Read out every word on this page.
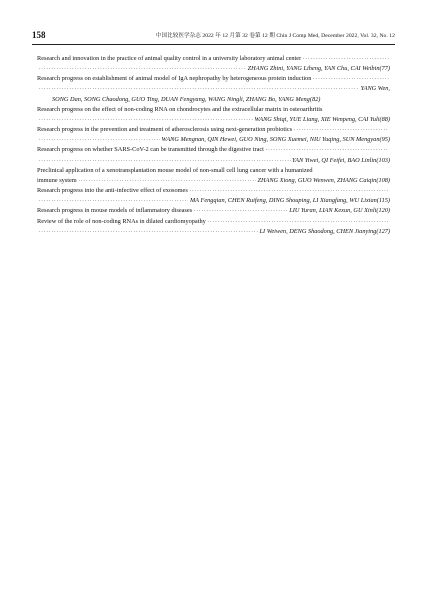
158	中国比较医学杂志 2022 年 12 月第 32 卷第 12 期 Chin J Comp Med, December 2022, Vol. 32, No. 12
Research and innovation in the practice of animal quality control in a university laboratory animal center
·····
·····
ZHANG Zhini, YANG Liheng, YAN Chu, CAI Weibin(77)
Research progress on establishment of animal model of IgA nephropathy by heterogeneous protein induction
·····
·····
YANG Wen,
SONG Dan, SONG Chaodong, GUO Ting, DUAN Fengyang, WANG Ningli, ZHANG Bo, YANG Meng(82)
Research progress on the effect of non-coding RNA on chondrocytes and the extracellular matrix in osteoarthritis
·····
WANG Shiqi, YUE Liang, XIE Wenpeng, CAI Yuli(88)
Research progress in the prevention and treatment of atherosclerosis using next-generation probiotics
·····
·····
WANG Mengnan, QIN Hewei, GUO Ning, SONG Xuemei, NIU Yuqing, SUN Mengyan(95)
Research progress on whether SARS-CoV-2 can be transmitted through the digestive tract
·····
·····
YAN Yiwei, QI Feifei, BAO Linlin(103)
Preclinical application of a xenotransplantation mouse model of non-small cell lung cancer with a humanized
immune system ·····	ZHANG Xiong, GUO Wenwen, ZHANG Caiqin(108)
Research progress into the anti-infective effect of exosomes
·····
·····
MA Fengqian, CHEN Ruifeng, DING Shouping, LI Xiangfang, WU Lixian(115)
Research progress in mouse models of inflammatory diseases ·····	LIU Yuran, LIAN Kexun, GU Xinli(120)
Review of the role of non-coding RNAs in dilated cardiomyopathy
·····
·····
LI Weiwen, DENG Shaodong, CHEN Jianying(127)
